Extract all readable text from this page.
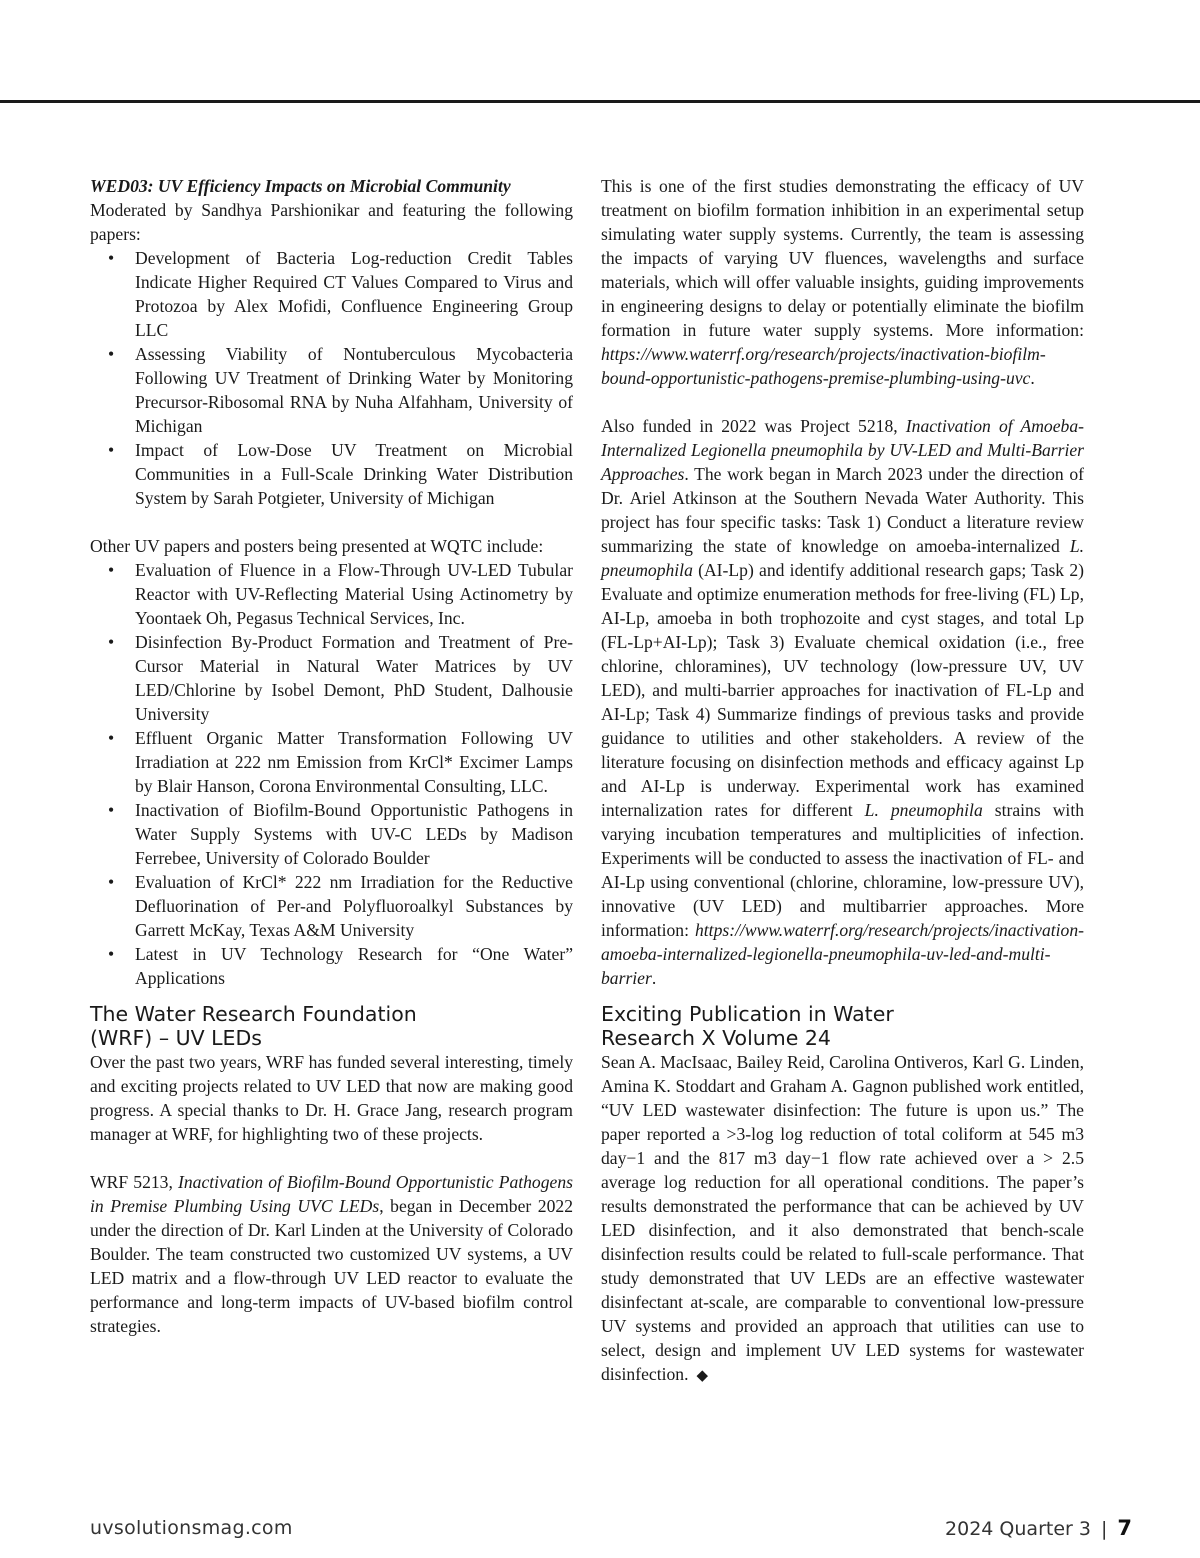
WED03: UV Efficiency Impacts on Microbial Community

Moderated by Sandhya Parshionikar and featuring the following papers:

• Development of Bacteria Log-reduction Credit Tables Indicate Higher Required CT Values Compared to Virus and Protozoa by Alex Mofidi, Confluence Engineering Group LLC
• Assessing Viability of Nontuberculous Mycobacteria Following UV Treatment of Drinking Water by Monitoring Precursor-Ribosomal RNA by Nuha Alfahham, University of Michigan
• Impact of Low-Dose UV Treatment on Microbial Communities in a Full-Scale Drinking Water Distribution System by Sarah Potgieter, University of Michigan

Other UV papers and posters being presented at WQTC include:

• Evaluation of Fluence in a Flow-Through UV-LED Tubular Reactor with UV-Reflecting Material Using Actinometry by Yoontaek Oh, Pegasus Technical Services, Inc.
• Disinfection By-Product Formation and Treatment of Pre-Cursor Material in Natural Water Matrices by UV LED/Chlorine by Isobel Demont, PhD Student, Dalhousie University
• Effluent Organic Matter Transformation Following UV Irradiation at 222 nm Emission from KrCl* Excimer Lamps by Blair Hanson, Corona Environmental Consulting, LLC.
• Inactivation of Biofilm-Bound Opportunistic Pathogens in Water Supply Systems with UV-C LEDs by Madison Ferrebee, University of Colorado Boulder
• Evaluation of KrCl* 222 nm Irradiation for the Reductive Defluorination of Per-and Polyfluoroalkyl Substances by Garrett McKay, Texas A&M University
• Latest in UV Technology Research for “One Water” Applications
The Water Research Foundation
(WRF) – UV LEDs

Over the past two years, WRF has funded several interesting, timely and exciting projects related to UV LED that now are making good progress. A special thanks to Dr. H. Grace Jang, research program manager at WRF, for highlighting two of these projects.

WRF 5213, Inactivation of Biofilm-Bound Opportunistic Pathogens in Premise Plumbing Using UVC LEDs, began in December 2022 under the direction of Dr. Karl Linden at the University of Colorado Boulder. The team constructed two customized UV systems, a UV LED matrix and a flow-through UV LED reactor to evaluate the performance and long-term impacts of UV-based biofilm control strategies.

This is one of the first studies demonstrating the efficacy of UV treatment on biofilm formation inhibition in an experimental setup simulating water supply systems. Currently, the team is assessing the impacts of varying UV fluences, wavelengths and surface materials, which will offer valuable insights, guiding improvements in engineering designs to delay or potentially eliminate the biofilm formation in future water supply systems. More information: https://www.waterrf.org/research/projects/inactivation-biofilm-bound-opportunistic-pathogens-premise-plumbing-using-uvc.

Also funded in 2022 was Project 5218, Inactivation of Amoeba-Internalized Legionella pneumophila by UV-LED and Multi-Barrier Approaches. The work began in March 2023 under the direction of Dr. Ariel Atkinson at the Southern Nevada Water Authority. This project has four specific tasks: Task 1) Conduct a literature review summarizing the state of knowledge on amoeba-internalized L. pneumophila (AI-Lp) and identify additional research gaps; Task 2) Evaluate and optimize enumeration methods for free-living (FL) Lp, AI-Lp, amoeba in both trophozoite and cyst stages, and total Lp (FL-Lp+AI-Lp); Task 3) Evaluate chemical oxidation (i.e., free chlorine, chloramines), UV technology (low-pressure UV, UV LED), and multi-barrier approaches for inactivation of FL-Lp and AI-Lp; Task 4) Summarize findings of previous tasks and provide guidance to utilities and other stakeholders. A review of the literature focusing on disinfection methods and efficacy against Lp and AI-Lp is underway. Experimental work has examined internalization rates for different L. pneumophila strains with varying incubation temperatures and multiplicities of infection. Experiments will be conducted to assess the inactivation of FL- and AI-Lp using conventional (chlorine, chloramine, low-pressure UV), innovative (UV LED) and multibarrier approaches. More information: https://www.waterrf.org/research/projects/inactivation-amoeba-internalized-legionella-pneumophila-uv-led-and-multi-barrier.

Exciting Publication in Water
Research X Volume 24

Sean A. MacIsaac, Bailey Reid, Carolina Ontiveros, Karl G. Linden, Amina K. Stoddart and Graham A. Gagnon published work entitled, “UV LED wastewater disinfection: The future is upon us.” The paper reported a >3-log log reduction of total coliform at 545 m3 day−1 and the 817 m3 day−1 flow rate achieved over a > 2.5 average log reduction for all operational conditions. The paper’s results demonstrated the performance that can be achieved by UV LED disinfection, and it also demonstrated that bench-scale disinfection results could be related to full-scale performance. That study demonstrated that UV LEDs are an effective wastewater disinfectant at-scale, are comparable to conventional low-pressure UV systems and provided an approach that utilities can use to select, design and implement UV LED systems for wastewater disinfection. ◆

uvsolutionsmag.com	2024 Quarter 3 | 7
